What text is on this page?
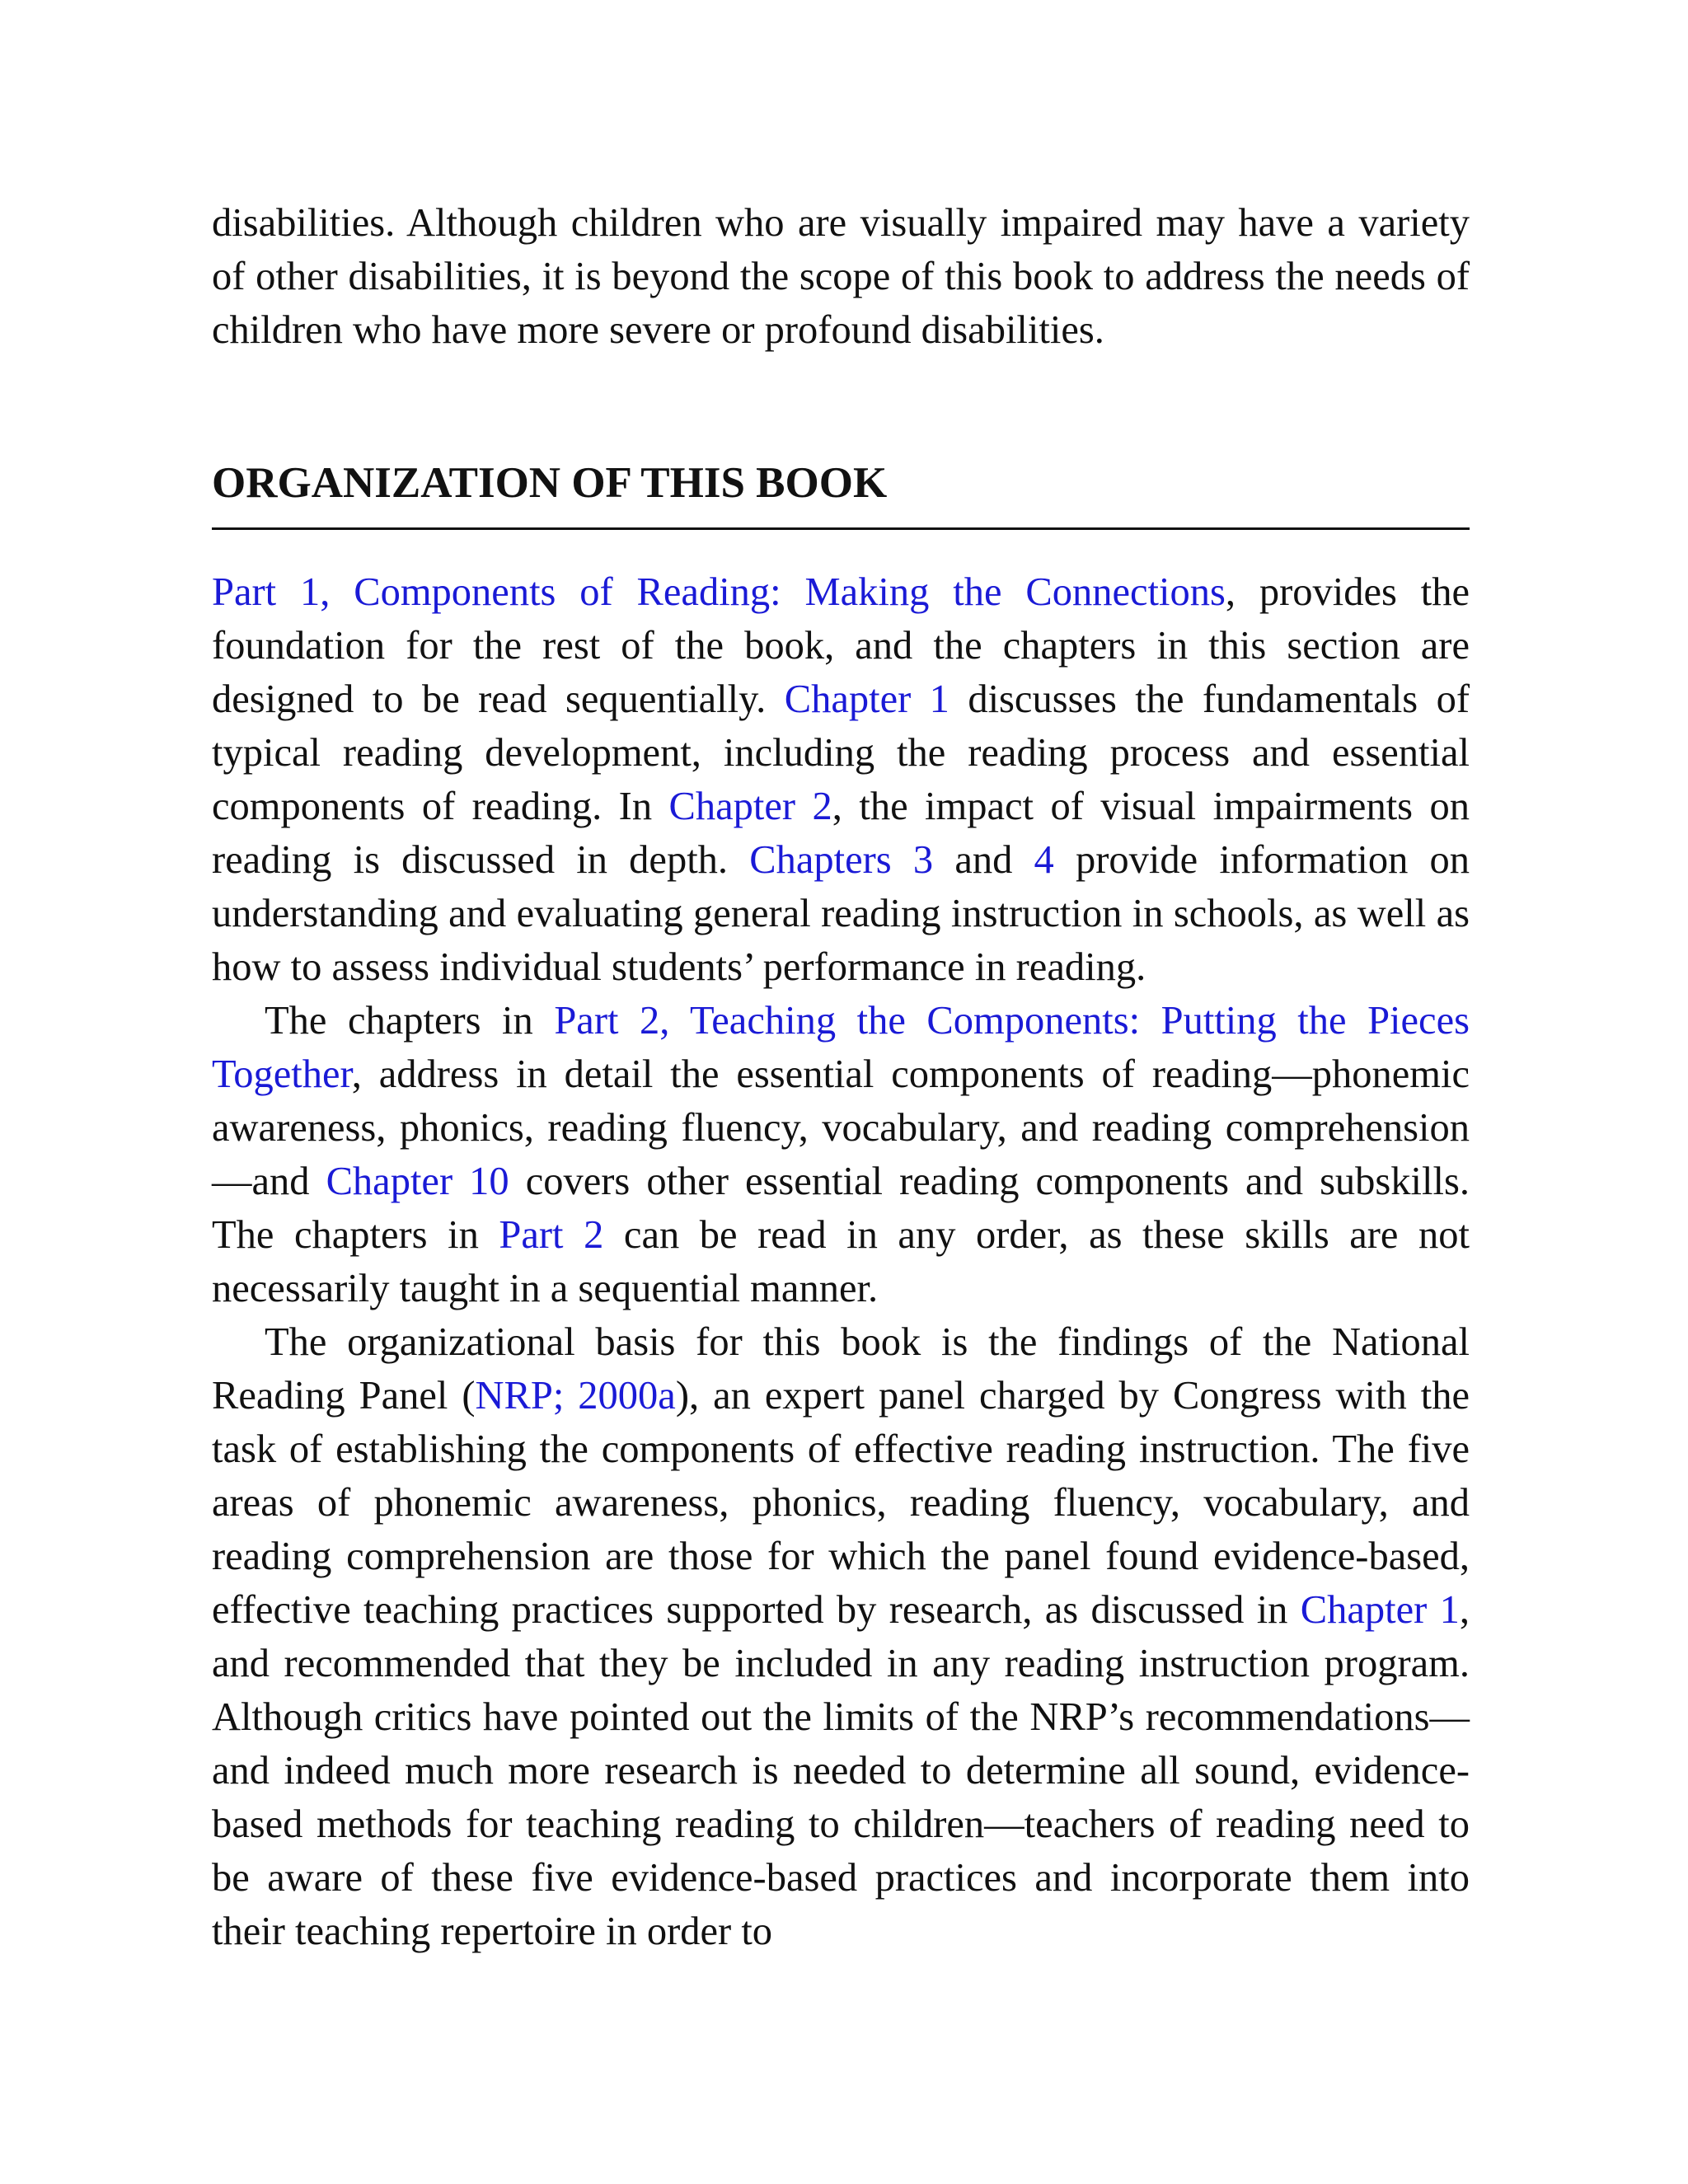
disabilities. Although children who are visually impaired may have a variety of other disabilities, it is beyond the scope of this book to address the needs of children who have more severe or profound disabilities.

ORGANIZATION OF THIS BOOK

Part 1, Components of Reading: Making the Connections, provides the foundation for the rest of the book, and the chapters in this section are designed to be read sequentially. Chapter 1 discusses the fundamentals of typical reading development, including the reading process and essential components of reading. In Chapter 2, the impact of visual impairments on reading is discussed in depth. Chapters 3 and 4 provide information on understanding and evaluating general reading instruction in schools, as well as how to assess individual students’ performance in reading.

The chapters in Part 2, Teaching the Components: Putting the Pieces Together, address in detail the essential components of reading—phonemic awareness, phonics, reading fluency, vocabulary, and reading comprehension—and Chapter 10 covers other essential reading components and subskills. The chapters in Part 2 can be read in any order, as these skills are not necessarily taught in a sequential manner.

The organizational basis for this book is the findings of the National Reading Panel (NRP; 2000a), an expert panel charged by Congress with the task of establishing the components of effective reading instruction. The five areas of phonemic awareness, phonics, reading fluency, vocabulary, and reading comprehension are those for which the panel found evidence-based, effective teaching practices supported by research, as discussed in Chapter 1, and recommended that they be included in any reading instruction program. Although critics have pointed out the limits of the NRP’s recommendations—and indeed much more research is needed to determine all sound, evidence-based methods for teaching reading to children—teachers of reading need to be aware of these five evidence-based practices and incorporate them into their teaching repertoire in order to
